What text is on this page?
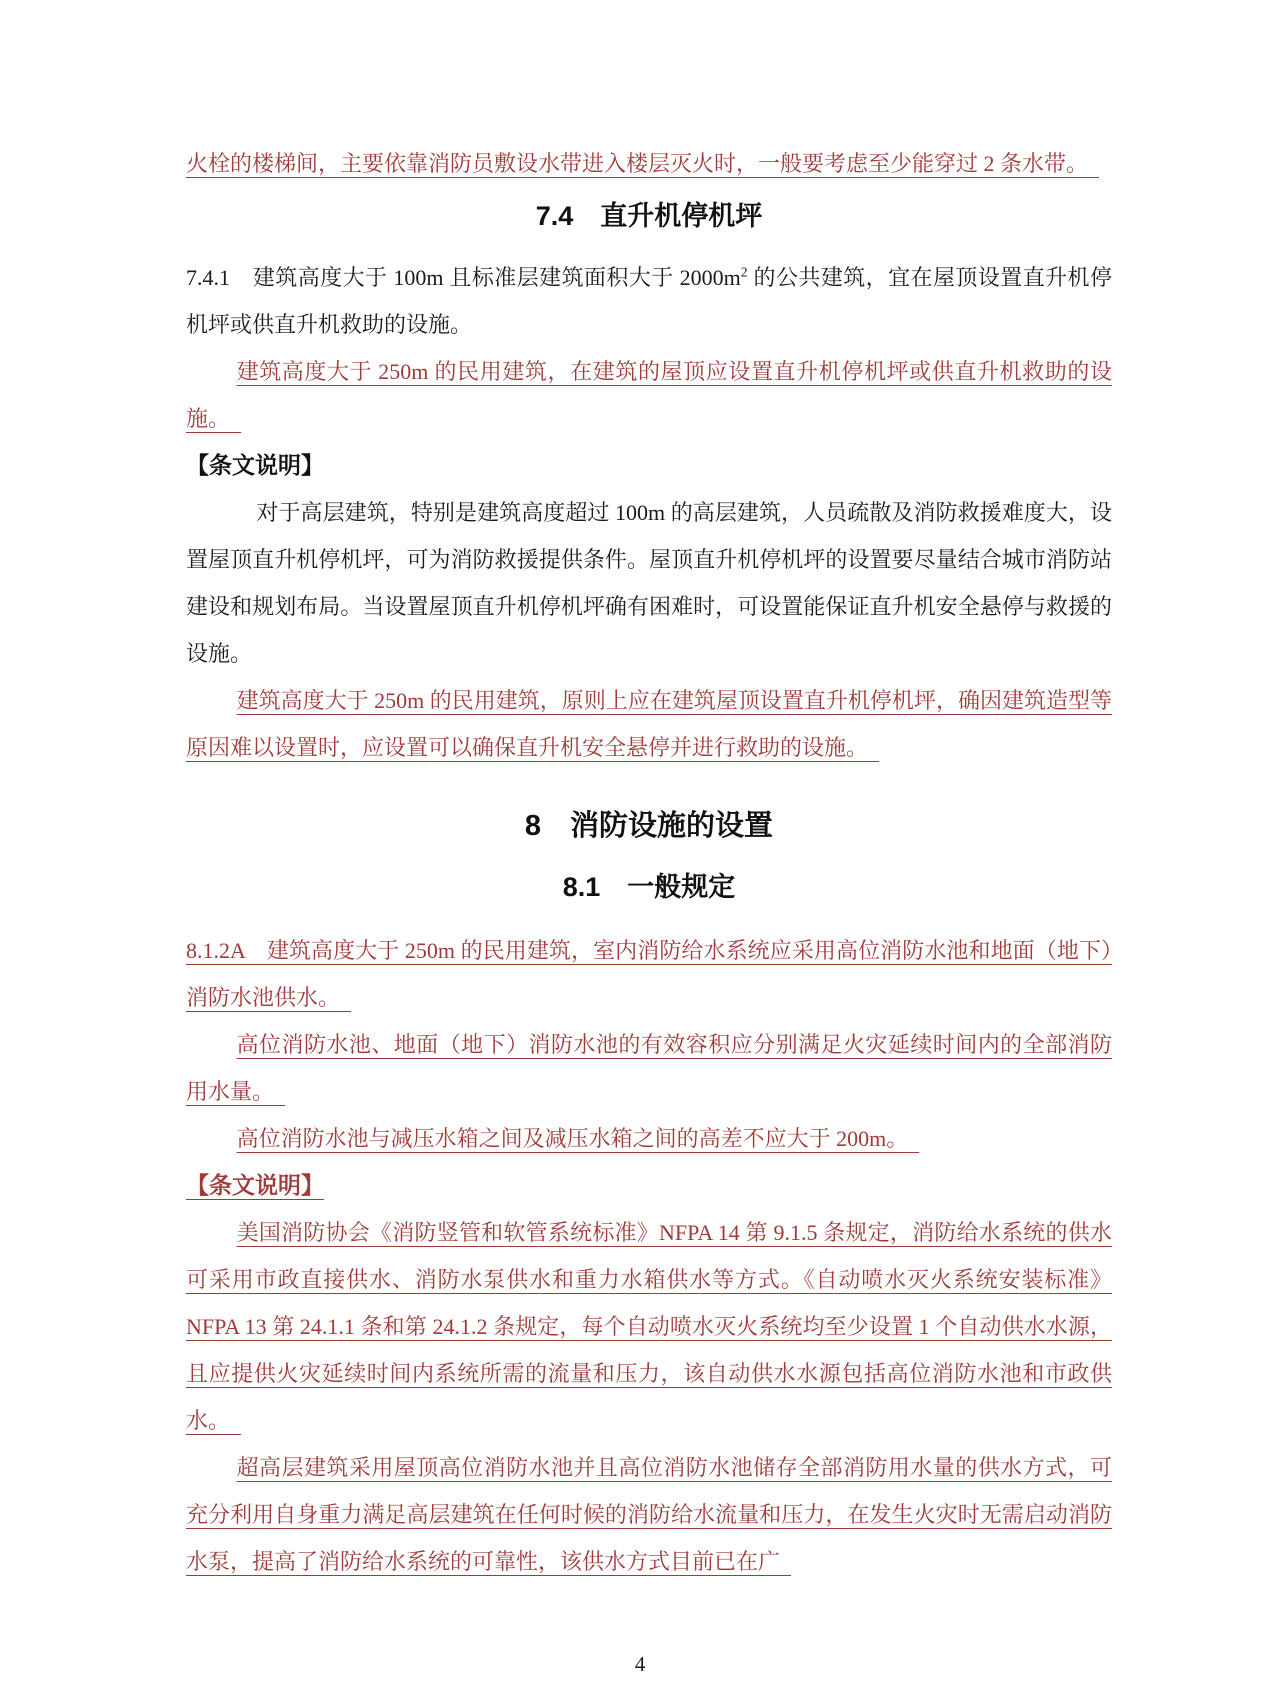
火栓的楼梯间，主要依靠消防员敷设水带进入楼层灭火时，一般要考虑至少能穿过 2 条水带。

7.4　直升机停机坪

7.4.1　建筑高度大于 100m 且标准层建筑面积大于 $2000m^2$ 的公共建筑，宜在屋顶设置直升机停机坪或供直升机救助的设施。

建筑高度大于 250m 的民用建筑，在建筑的屋顶应设置直升机停机坪或供直升机救助的设施。

【条文说明】

对于高层建筑，特别是建筑高度超过 100m 的高层建筑，人员疏散及消防救援难度大，设置屋顶直升机停机坪，可为消防救援提供条件。屋顶直升机停机坪的设置要尽量结合城市消防站建设和规划布局。当设置屋顶直升机停机坪确有困难时，可设置能保证直升机安全悬停与救援的设施。

建筑高度大于 250m 的民用建筑，原则上应在建筑屋顶设置直升机停机坪，确因建筑造型等原因难以设置时，应设置可以确保直升机安全悬停并进行救助的设施。

8　消防设施的设置
8.1　一般规定

8.1.2A　建筑高度大于 250m 的民用建筑，室内消防给水系统应采用高位消防水池和地面（地下）消防水池供水。

高位消防水池、地面（地下）消防水池的有效容积应分别满足火灾延续时间内的全部消防用水量。

高位消防水池与减压水箱之间及减压水箱之间的高差不应大于 200m。

【条文说明】

美国消防协会《消防竖管和软管系统标准》NFPA 14 第 9.1.5 条规定，消防给水系统的供水可采用市政直接供水、消防水泵供水和重力水箱供水等方式。《自动喷水灭火系统安装标准》NFPA 13 第 24.1.1 条和第 24.1.2 条规定，每个自动喷水灭火系统均至少设置 1 个自动供水水源，且应提供火灾延续时间内系统所需的流量和压力，该自动供水水源包括高位消防水池和市政供水。

超高层建筑采用屋顶高位消防水池并且高位消防水池储存全部消防用水量的供水方式，可充分利用自身重力满足高层建筑在任何时候的消防给水流量和压力，在发生火灾时无需启动消防水泵，提高了消防给水系统的可靠性，该供水方式目前已在广

4
